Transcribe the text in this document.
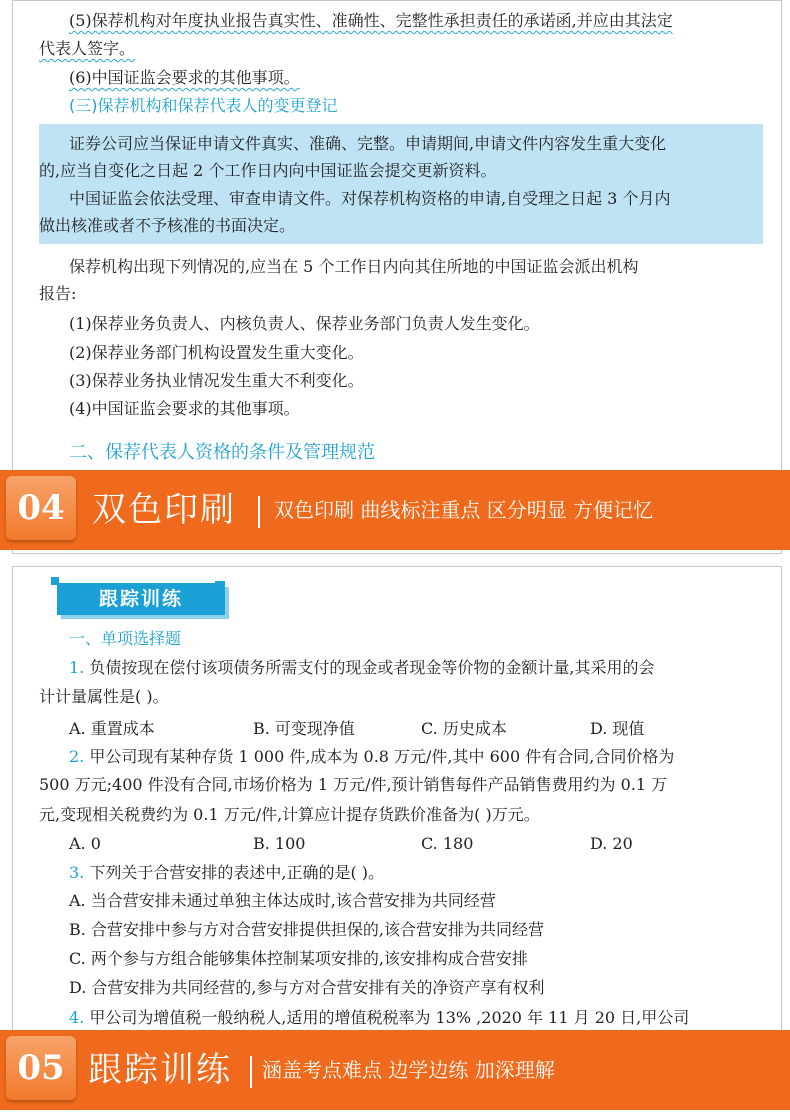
(5)保荐机构对年度执业报告真实性、准确性、完整性承担责任的承诺函,并应由其法定
代表人签字。
(6)中国证监会要求的其他事项。
(三)保荐机构和保荐代表人的变更登记
证券公司应当保证申请文件真实、准确、完整。申请期间,申请文件内容发生重大变化
的,应当自变化之日起 2 个工作日内向中国证监会提交更新资料。
中国证监会依法受理、审查申请文件。对保荐机构资格的申请,自受理之日起 3 个月内
做出核准或者不予核准的书面决定。
保荐机构出现下列情况的,应当在 5 个工作日内向其住所地的中国证监会派出机构
报告:
(1)保荐业务负责人、内核负责人、保荐业务部门负责人发生变化。
(2)保荐业务部门机构设置发生重大变化。
(3)保荐业务执业情况发生重大不利变化。
(4)中国证监会要求的其他事项。
二、保荐代表人资格的条件及管理规范
04 双色印刷 双色印刷 曲线标注重点 区分明显 方便记忆
跟踪训练
一、单项选择题
1. 负债按现在偿付该项债务所需支付的现金或者现金等价物的金额计量,其采用的会
计计量属性是( )。
A. 重置成本	B. 可变现净值	C. 历史成本	D. 现值
2. 甲公司现有某种存货 1 000 件,成本为 0.8 万元/件,其中 600 件有合同,合同价格为
500 万元;400 件没有合同,市场价格为 1 万元/件,预计销售每件产品销售费用约为 0.1 万
元,变现相关税费约为 0.1 万元/件,计算应计提存货跌价准备为( )万元。
A. 0	B. 100	C. 180	D. 20
3. 下列关于合营安排的表述中,正确的是( )。
A. 当合营安排未通过单独主体达成时,该合营安排为共同经营
B. 合营安排中参与方对合营安排提供担保的,该合营安排为共同经营
C. 两个参与方组合能够集体控制某项安排的,该安排构成合营安排
D. 合营安排为共同经营的,参与方对合营安排有关的净资产享有权利
4. 甲公司为增值税一般纳税人,适用的增值税税率为 13% ,2020 年 11 月 20 日,甲公司
05 跟踪训练 涵盖考点难点 边学边练 加深理解
